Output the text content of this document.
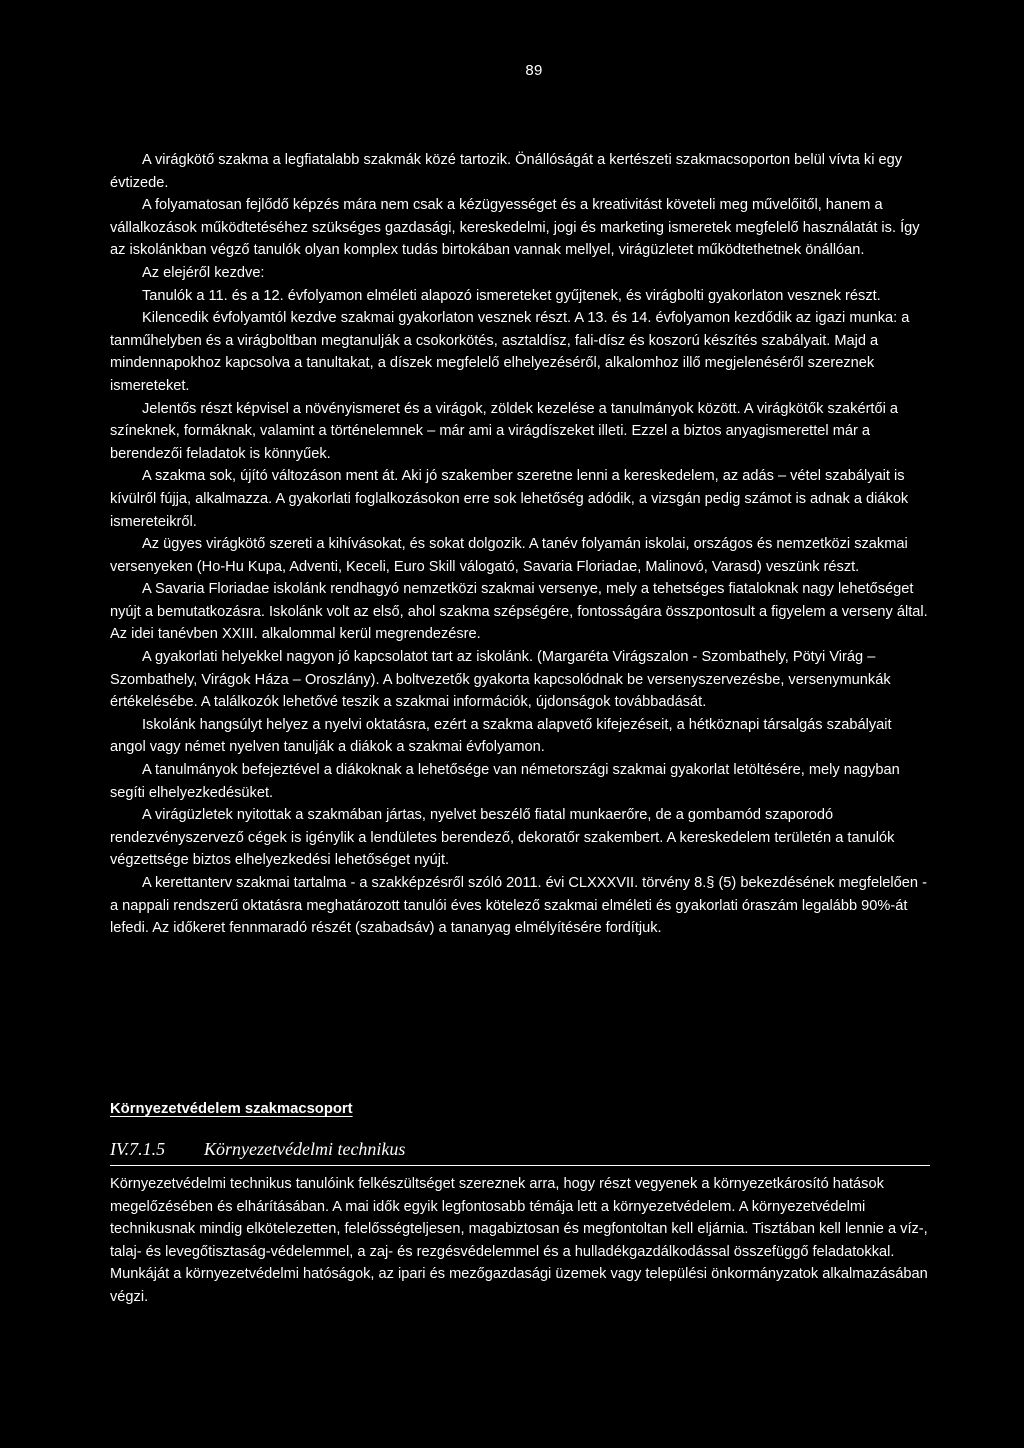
89

A virágkötő szakma a legfiatalabb szakmák közé tartozik. Önállóságát a kertészeti szakmacsoporton belül vívta ki egy évtizede.

A folyamatosan fejlődő képzés mára nem csak a kézügyességet és a kreativitást követeli meg művelőitől, hanem a vállalkozások működtetéséhez szükséges gazdasági, kereskedelmi, jogi és marketing ismeretek megfelelő használatát is. Így az iskolánkban végző tanulók olyan komplex tudás birtokában vannak mellyel, virágüzletet működtethetnek önállóan.

Az elejéről kezdve:

Tanulók a 11. és a 12. évfolyamon elméleti alapozó ismereteket gyűjtenek, és virágbolti gyakorlaton vesznek részt.

Kilencedik évfolyamtól kezdve szakmai gyakorlaton vesznek részt. A 13. és 14. évfolyamon kezdődik az igazi munka: a tanműhelyben és a virágboltban megtanulják a csokorkötés, asztaldísz, fali-dísz és koszorú készítés szabályait. Majd a mindennapokhoz kapcsolva a tanultakat, a díszek megfelelő elhelyezéséről, alkalomhoz illő megjelenéséről szereznek ismereteket.

Jelentős részt képvisel a növényismeret és a virágok, zöldek kezelése a tanulmányok között. A virágkötők szakértői a színeknek, formáknak, valamint a történelemnek – már ami a virágdíszeket illeti. Ezzel a biztos anyagismerettel már a berendezői feladatok is könnyűek.

A szakma sok, újító változáson ment át. Aki jó szakember szeretne lenni a kereskedelem, az adás – vétel szabályait is kívülről fújja, alkalmazza. A gyakorlati foglalkozásokon erre sok lehetőség adódik, a vizsgán pedig számot is adnak a diákok ismereteikről.

Az ügyes virágkötő szereti a kihívásokat, és sokat dolgozik. A tanév folyamán iskolai, országos és nemzetközi szakmai versenyeken (Ho-Hu Kupa, Adventi, Keceli, Euro Skill válogató, Savaria Floriadae, Malinovó, Varasd) veszünk részt.

A Savaria Floriadae iskolánk rendhagyó nemzetközi szakmai versenye, mely a tehetséges fiataloknak nagy lehetőséget nyújt a bemutatkozásra. Iskolánk volt az első, ahol szakma szépségére, fontosságára összpontosult a figyelem a verseny által. Az idei tanévben XXIII. alkalommal kerül megrendezésre.

A gyakorlati helyekkel nagyon jó kapcsolatot tart az iskolánk. (Margaréta Virágszalon - Szombathely, Pötyi Virág – Szombathely, Virágok Háza – Oroszlány). A boltvezetők gyakorta kapcsolódnak be versenyszervezésbe, versenymunkák értékelésébe. A találkozók lehetővé teszik a szakmai információk, újdonságok továbbadását.

Iskolánk hangsúlyt helyez a nyelvi oktatásra, ezért a szakma alapvető kifejezéseit, a hétköznapi társalgás szabályait angol vagy német nyelven tanulják a diákok a szakmai évfolyamon.

A tanulmányok befejeztével a diákoknak a lehetősége van németországi szakmai gyakorlat letöltésére, mely nagyban segíti elhelyezkedésüket.

A virágüzletek nyitottak a szakmában jártas, nyelvet beszélő fiatal munkaerőre, de a gombamód szaporodó rendezvényszervező cégek is igénylik a lendületes berendező, dekoratőr szakembert. A kereskedelem területén a tanulók végzettsége biztos elhelyezkedési lehetőséget nyújt.

A kerettanterv szakmai tartalma - a szakképzésről szóló 2011. évi CLXXXVII. törvény 8.§ (5) bekezdésének megfelelően - a nappali rendszerű oktatásra meghatározott tanulói éves kötelező szakmai elméleti és gyakorlati óraszám legalább 90%-át lefedi. Az időkeret fennmaradó részét (szabadsáv) a tananyag elmélyítésére fordítjuk.

Környezetvédelem szakmacsoport
IV.7.1.5 Környezetvédelmi technikus

Környezetvédelmi technikus tanulóink felkészültséget szereznek arra, hogy részt vegyenek a környezetkárosító hatások megelőzésében és elhárításában. A mai idők egyik legfontosabb témája lett a környezetvédelem. A környezetvédelmi technikusnak mindig elkötelezetten, felelősségteljesen, magabiztosan és megfontoltan kell eljárnia. Tisztában kell lennie a víz-, talaj- és levegőtisztaság-védelemmel, a zaj- és rezgésvédelemmel és a hulladékgazdálkodással összefüggő feladatokkal. Munkáját a környezetvédelmi hatóságok, az ipari és mezőgazdasági üzemek vagy települési önkormányzatok alkalmazásában végzi.
